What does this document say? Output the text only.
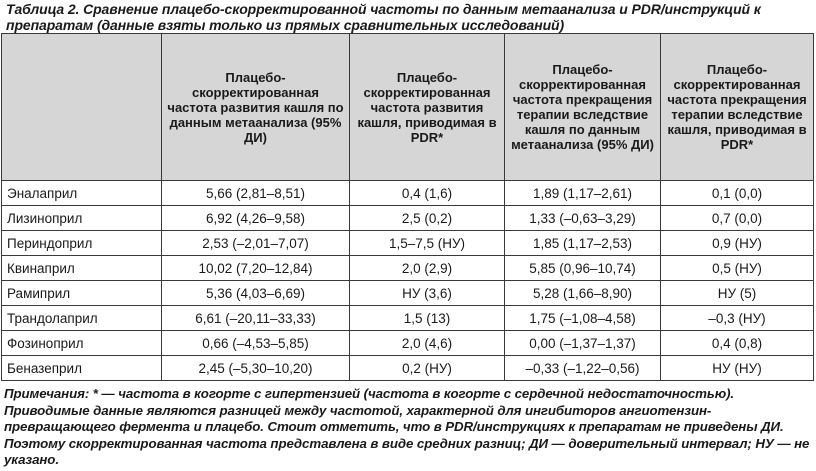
Таблица 2. Сравнение плацебо-скорректированной частоты по данным метаанализа и PDR/инструкций к препаратам (данные взяты только из прямых сравнительных исследований)
	Плацебо-скорректированная частота развития кашля по данным метаанализа (95% ДИ)	Плацебо-скорректированная частота развития кашля, приводимая в PDR*	Плацебо-скорректированная частота прекращения терапии вследствие кашля по данным метаанализа (95% ДИ)	Плацебо-скорректированная частота прекращения терапии вследствие кашля, приводимая в PDR*
Эналаприл	5,66 (2,81–8,51)	0,4 (1,6)	1,89 (1,17–2,61)	0,1 (0,0)
Лизиноприл	6,92 (4,26–9,58)	2,5 (0,2)	1,33 (–0,63–3,29)	0,7 (0,0)
Периндоприл	2,53 (–2,01–7,07)	1,5–7,5 (НУ)	1,85 (1,17–2,53)	0,9 (НУ)
Квинаприл	10,02 (7,20–12,84)	2,0 (2,9)	5,85 (0,96–10,74)	0,5 (НУ)
Рамиприл	5,36 (4,03–6,69)	НУ (3,6)	5,28 (1,66–8,90)	НУ (5)
Трандолаприл	6,61 (–20,11–33,33)	1,5 (13)	1,75 (–1,08–4,58)	–0,3 (НУ)
Фозиноприл	0,66 (–4,53–5,85)	2,0 (4,6)	0,00 (–1,37–1,37)	0,4 (0,8)
Беназеприл	2,45 (–5,30–10,20)	0,2 (НУ)	–0,33 (–1,22–0,56)	НУ (НУ)
Примечания: * — частота в когорте с гипертензией (частота в когорте с сердечной недостаточностью). Приводимые данные являются разницей между частотой, характерной для ингибиторов ангиотензин-превращающего фермента и плацебо. Стоит отметить, что в PDR/инструкциях к препаратам не приведены ДИ. Поэтому скорректированная частота представлена в виде средних разниц; ДИ — доверительный интервал; НУ — не указано.
